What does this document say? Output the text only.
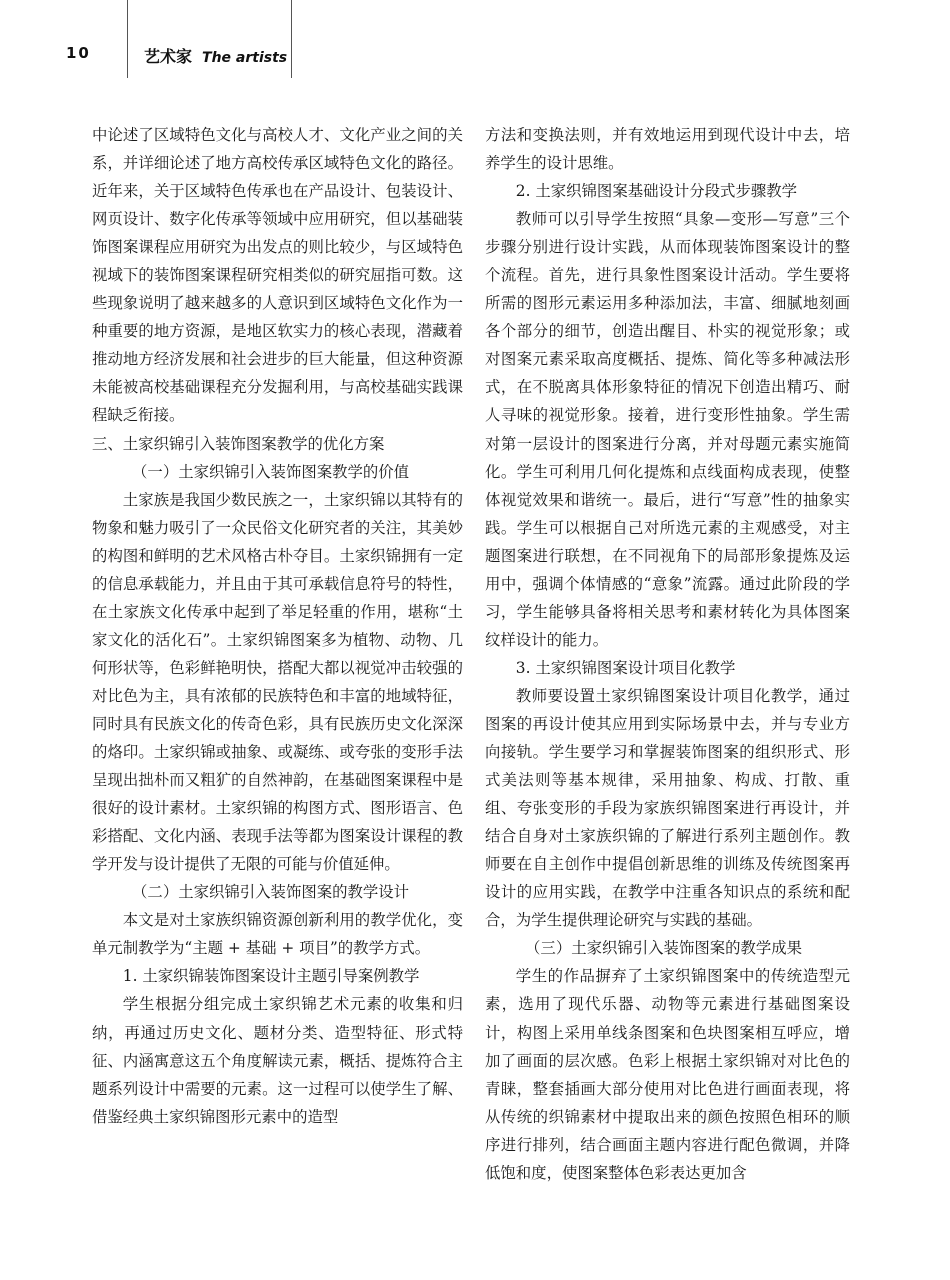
10	艺术家 The artists

中论述了区域特色文化与高校人才、文化产业之间的关系，并详细论述了地方高校传承区域特色文化的路径。近年来，关于区域特色传承也在产品设计、包装设计、网页设计、数字化传承等领域中应用研究，但以基础装饰图案课程应用研究为出发点的则比较少，与区域特色视域下的装饰图案课程研究相类似的研究屈指可数。这些现象说明了越来越多的人意识到区域特色文化作为一种重要的地方资源，是地区软实力的核心表现，潜藏着推动地方经济发展和社会进步的巨大能量，但这种资源未能被高校基础课程充分发掘利用，与高校基础实践课程缺乏衔接。

三、土家织锦引入装饰图案教学的优化方案

（一）土家织锦引入装饰图案教学的价值

土家族是我国少数民族之一，土家织锦以其特有的物象和魅力吸引了一众民俗文化研究者的关注，其美妙的构图和鲜明的艺术风格古朴夺目。土家织锦拥有一定的信息承载能力，并且由于其可承载信息符号的特性，在土家族文化传承中起到了举足轻重的作用，堪称“土家文化的活化石”。土家织锦图案多为植物、动物、几何形状等，色彩鲜艳明快，搭配大都以视觉冲击较强的对比色为主，具有浓郁的民族特色和丰富的地域特征，同时具有民族文化的传奇色彩，具有民族历史文化深深的烙印。土家织锦或抽象、或凝练、或夸张的变形手法呈现出拙朴而又粗犷的自然神韵，在基础图案课程中是很好的设计素材。土家织锦的构图方式、图形语言、色彩搭配、文化内涵、表现手法等都为图案设计课程的教学开发与设计提供了无限的可能与价值延伸。

（二）土家织锦引入装饰图案的教学设计

本文是对土家族织锦资源创新利用的教学优化，变单元制教学为“主题 + 基础 + 项目”的教学方式。

1. 土家织锦装饰图案设计主题引导案例教学

学生根据分组完成土家织锦艺术元素的收集和归纳，再通过历史文化、题材分类、造型特征、形式特征、内涵寓意这五个角度解读元素，概括、提炼符合主题系列设计中需要的元素。这一过程可以使学生了解、借鉴经典土家织锦图形元素中的造型

方法和变换法则，并有效地运用到现代设计中去，培养学生的设计思维。

2. 土家织锦图案基础设计分段式步骤教学

教师可以引导学生按照“具象—变形—写意”三个步骤分别进行设计实践，从而体现装饰图案设计的整个流程。首先，进行具象性图案设计活动。学生要将所需的图形元素运用多种添加法，丰富、细腻地刻画各个部分的细节，创造出醒目、朴实的视觉形象；或对图案元素采取高度概括、提炼、简化等多种减法形式，在不脱离具体形象特征的情况下创造出精巧、耐人寻味的视觉形象。接着，进行变形性抽象。学生需对第一层设计的图案进行分离，并对母题元素实施简化。学生可利用几何化提炼和点线面构成表现，使整体视觉效果和谐统一。最后，进行“写意”性的抽象实践。学生可以根据自己对所选元素的主观感受，对主题图案进行联想，在不同视角下的局部形象提炼及运用中，强调个体情感的“意象”流露。通过此阶段的学习，学生能够具备将相关思考和素材转化为具体图案纹样设计的能力。

3. 土家织锦图案设计项目化教学

教师要设置土家织锦图案设计项目化教学，通过图案的再设计使其应用到实际场景中去，并与专业方向接轨。学生要学习和掌握装饰图案的组织形式、形式美法则等基本规律，采用抽象、构成、打散、重组、夸张变形的手段为家族织锦图案进行再设计，并结合自身对土家族织锦的了解进行系列主题创作。教师要在自主创作中提倡创新思维的训练及传统图案再设计的应用实践，在教学中注重各知识点的系统和配合，为学生提供理论研究与实践的基础。

（三）土家织锦引入装饰图案的教学成果

学生的作品摒弃了土家织锦图案中的传统造型元素，选用了现代乐器、动物等元素进行基础图案设计，构图上采用单线条图案和色块图案相互呼应，增加了画面的层次感。色彩上根据土家织锦对对比色的青睐，整套插画大部分使用对比色进行画面表现，将从传统的织锦素材中提取出来的颜色按照色相环的顺序进行排列，结合画面主题内容进行配色微调，并降低饱和度，使图案整体色彩表达更加含
